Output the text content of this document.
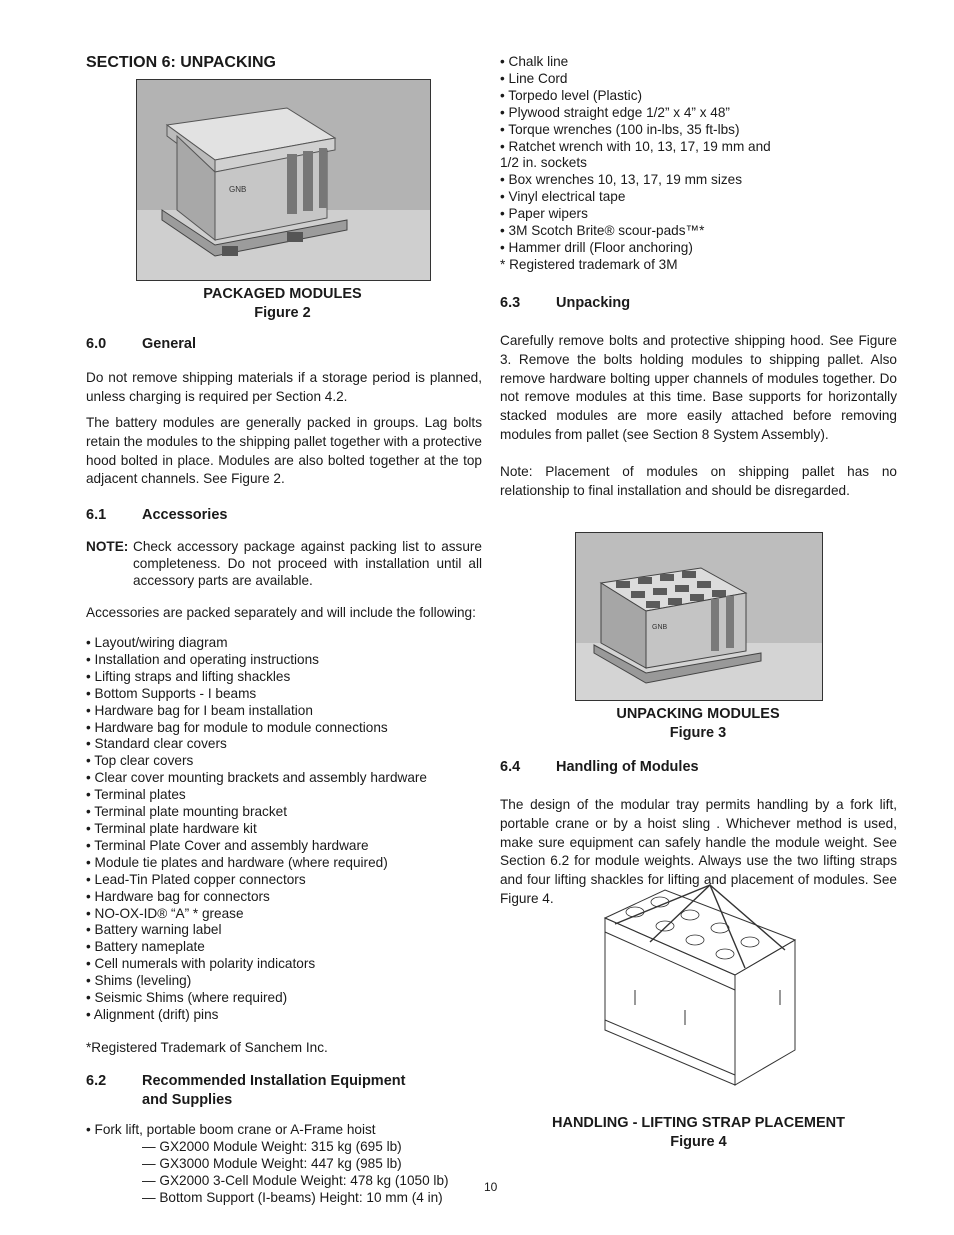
SECTION 6: UNPACKING
GNB
PACKAGED MODULES
Figure 2
6.0 General

Do not remove shipping materials if a storage period is planned, unless charging is required per Section 4.2.

The battery modules are generally packed in groups. Lag bolts retain the modules to the shipping pallet together with a protective hood bolted in place. Modules are also bolted together at the top adjacent channels. See Figure 2.

6.1 Accessories
NOTE: Check accessory package against packing list to assure completeness. Do not proceed with installation until all accessory parts are available.

Accessories are packed separately and will include the following:

• Layout/wiring diagram
• Installation and operating instructions
• Lifting straps and lifting shackles
• Bottom Supports - I beams
• Hardware bag for I beam installation
• Hardware bag for module to module connections
• Standard clear covers
• Top clear covers
• Clear cover mounting brackets and assembly hardware
• Terminal plates
• Terminal plate mounting bracket
• Terminal plate hardware kit
• Terminal Plate Cover and assembly hardware
• Module tie plates and hardware (where required)
• Lead-Tin Plated copper connectors
• Hardware bag for connectors
• NO-OX-ID® “A” * grease
• Battery warning label
• Battery nameplate
• Cell numerals with polarity indicators
• Shims (leveling)
• Seismic Shims (where required)
• Alignment (drift) pins

*Registered Trademark of Sanchem Inc.

6.2 Recommended Installation Equipment
and Supplies
• Fork lift, portable boom crane or A-Frame hoist
— GX2000 Module Weight: 315 kg (695 lb)
— GX3000 Module Weight: 447 kg (985 lb)
— GX2000 3-Cell Module Weight: 478 kg (1050 lb)
— Bottom Support (I-beams) Height: 10 mm (4 in)
• Chalk line
• Line Cord
• Torpedo level (Plastic)
• Plywood straight edge 1/2” x 4” x 48”
• Torque wrenches (100 in-lbs, 35 ft-lbs)
• Ratchet wrench with 10, 13, 17, 19 mm and
1/2 in. sockets
• Box wrenches 10, 13, 17, 19 mm sizes
• Vinyl electrical tape
• Paper wipers
• 3M Scotch Brite® scour-pads™*
• Hammer drill (Floor anchoring)
* Registered trademark of 3M
6.3 Unpacking

Carefully remove bolts and protective shipping hood. See Figure 3. Remove the bolts holding modules to shipping pallet. Also remove hardware bolting upper channels of modules together. Do not remove modules at this time. Base supports for horizontally stacked modules are more easily attached before removing modules from pallet (see Section 8 System Assembly).

Note: Placement of modules on shipping pallet has no relationship to final installation and should be disregarded.

GNB
UNPACKING MODULES
Figure 3
6.4 Handling of Modules

The design of the modular tray permits handling by a fork lift, portable crane or by a hoist sling . Whichever method is used, make sure equipment can safely handle the module weight. See Section 6.2 for module weights. Always use the two lifting straps and four lifting shackles for lifting and placement of modules. See Figure 4.

HANDLING - LIFTING STRAP PLACEMENT
Figure 4
10
